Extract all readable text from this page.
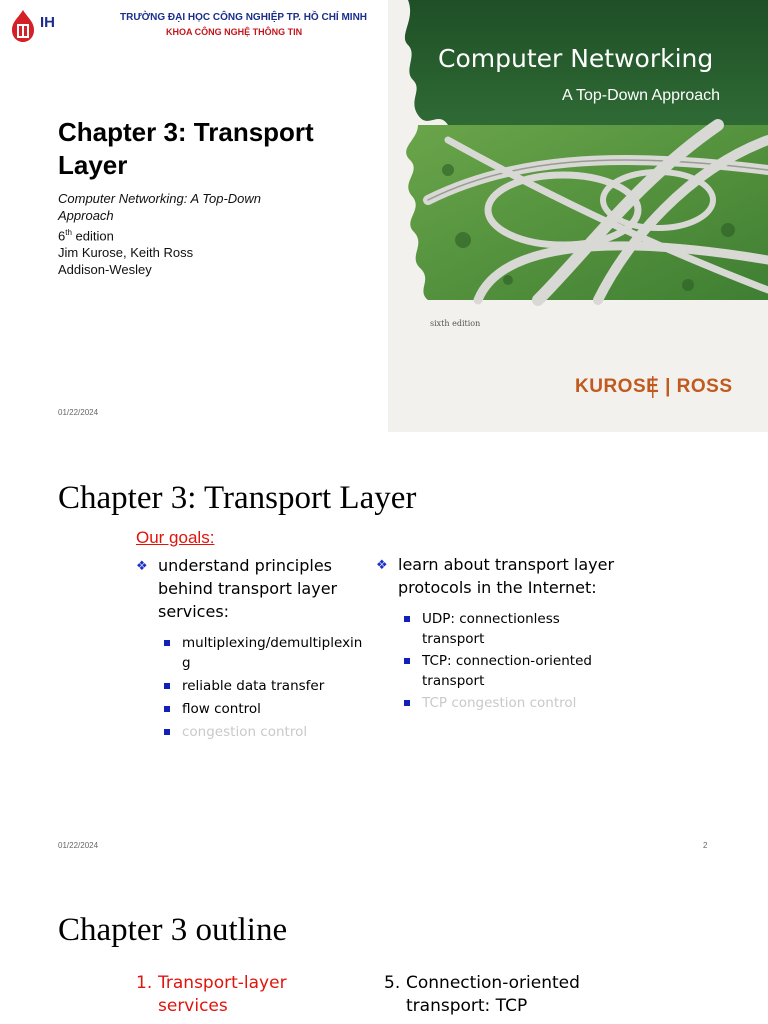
IH	TRƯỜNG ĐẠI HỌC CÔNG NGHIỆP TP. HỒ CHÍ MINH
KHOA CÔNG NGHỆ THÔNG TIN
Chapter 3: Transport
Layer
Computer Networking: A Top-Down Approach
6th edition
Jim Kurose, Keith Ross
Addison-Wesley
01/22/2024
Computer Networking
A Top-Down Approach
sixth edition
KUROSE | ROSS
Chapter 3: Transport Layer
Our goals:
❖ understand principles behind transport layer services:
multiplexing/demultiplexing
reliable data transfer
flow control
congestion control
❖ learn about transport layer protocols in the Internet:
UDP: connectionless transport
TCP: connection-oriented transport
TCP congestion control
01/22/2024	2
Chapter 3 outline
1. Transport-layer services
5. Connection-oriented transport: TCP
